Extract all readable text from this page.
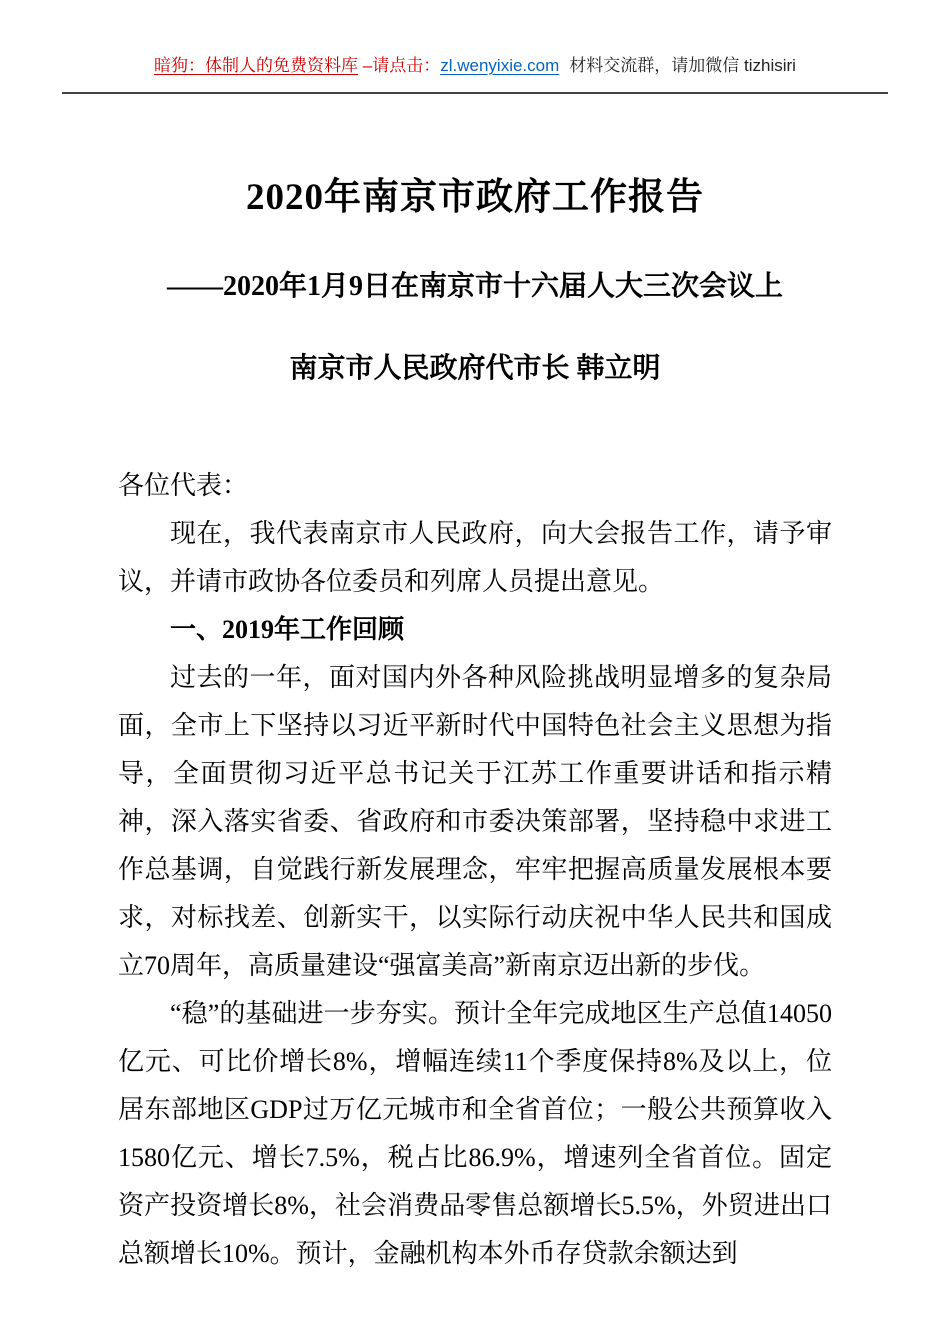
暗狗：体制人的免费资料库 –请点击：zl.wenyixie.com 材料交流群，请加微信 tizhisiri
2020年南京市政府工作报告
——2020年1月9日在南京市十六届人大三次会议上
南京市人民政府代市长 韩立明

各位代表：

现在，我代表南京市人民政府，向大会报告工作，请予审议，并请市政协各位委员和列席人员提出意见。

一、2019年工作回顾

过去的一年，面对国内外各种风险挑战明显增多的复杂局面，全市上下坚持以习近平新时代中国特色社会主义思想为指导，全面贯彻习近平总书记关于江苏工作重要讲话和指示精神，深入落实省委、省政府和市委决策部署，坚持稳中求进工作总基调，自觉践行新发展理念，牢牢把握高质量发展根本要求，对标找差、创新实干，以实际行动庆祝中华人民共和国成立70周年，高质量建设“强富美高”新南京迈出新的步伐。

“稳”的基础进一步夯实。预计全年完成地区生产总值14050亿元、可比价增长8%，增幅连续11个季度保持8%及以上，位居东部地区GDP过万亿元城市和全省首位；一般公共预算收入1580亿元、增长7.5%，税占比86.9%，增速列全省首位。固定资产投资增长8%，社会消费品零售总额增长5.5%，外贸进出口总额增长10%。预计，金融机构本外币存贷款余额达到
